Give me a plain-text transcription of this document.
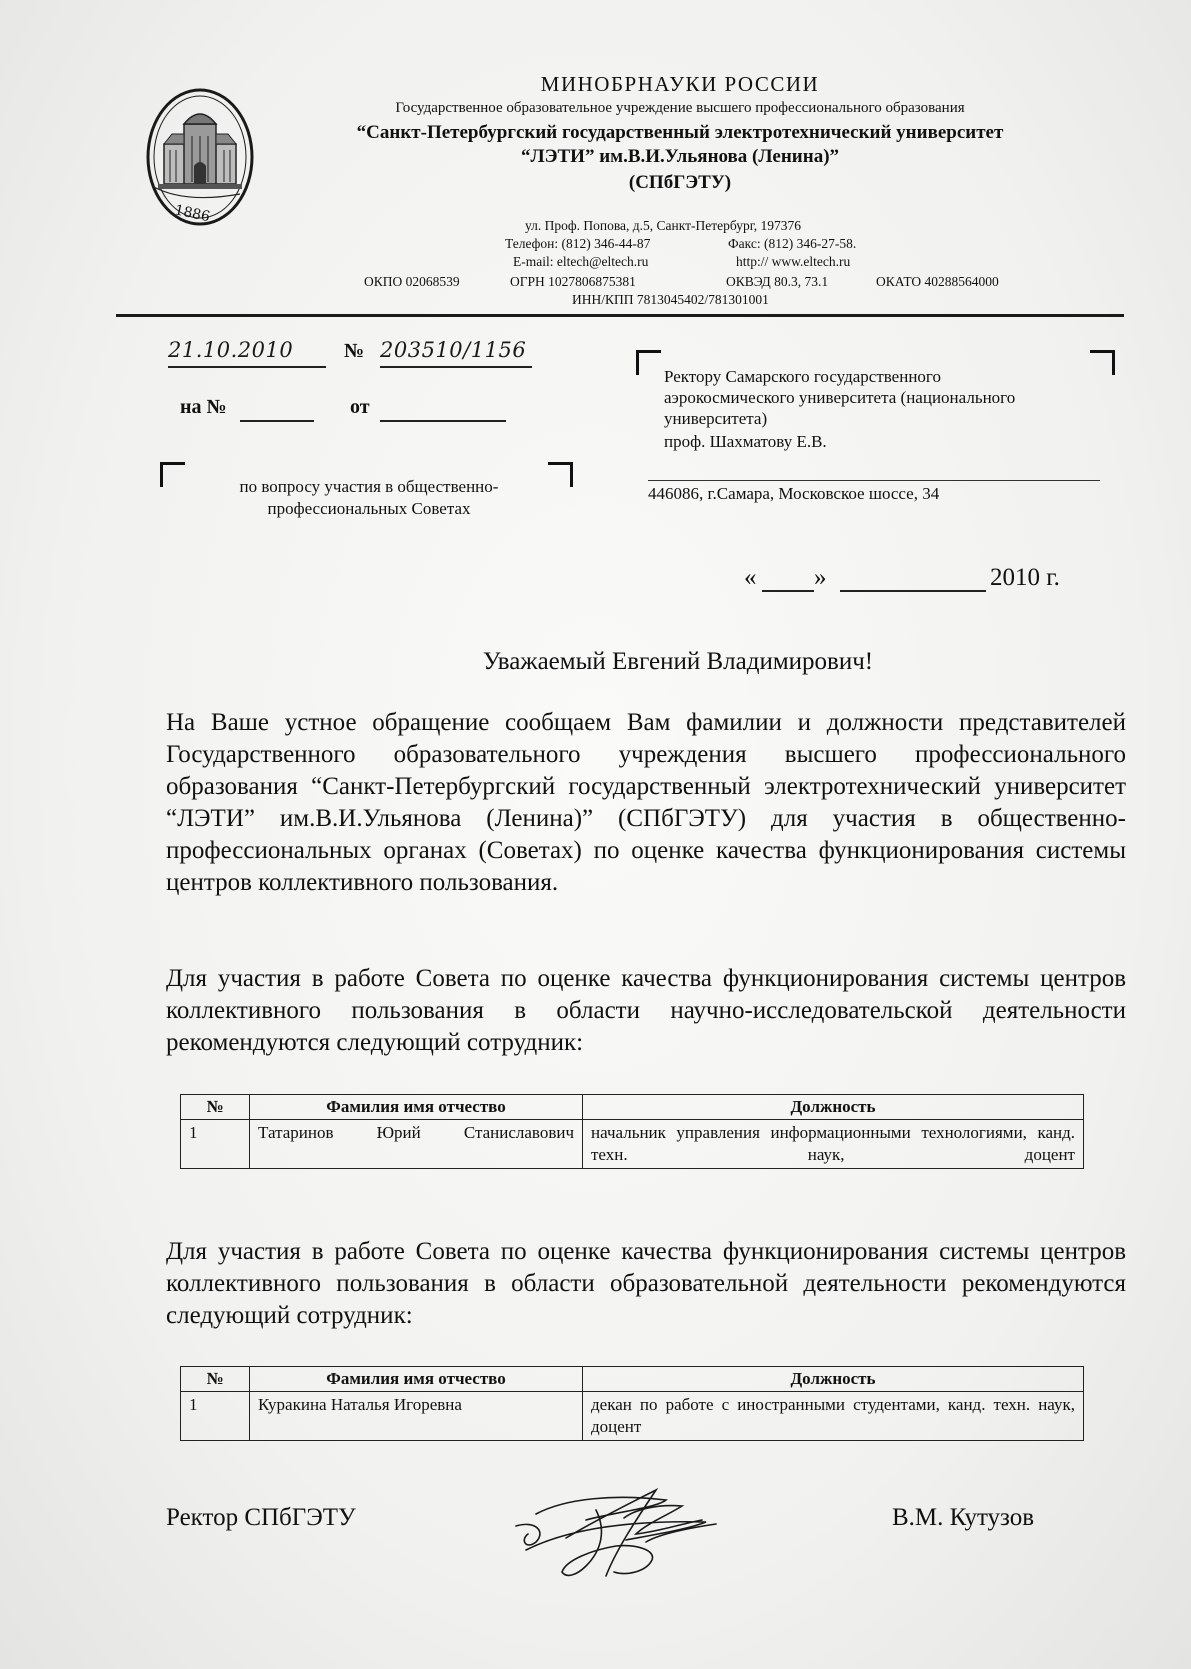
1886
МИНОБРНАУКИ РОССИИ
Государственное образовательное учреждение высшего профессионального образования
“Санкт-Петербургский государственный электротехнический университет
“ЛЭТИ” им.В.И.Ульянова (Ленина)”
(СПбГЭТУ)
ул. Проф. Попова, д.5, Санкт-Петербург, 197376
Телефон: (812) 346-44-87	Факс: (812) 346-27-58.
E-mail: eltech@eltech.ru	http:// www.eltech.ru
ОКПО 02068539	ОГРН 1027806875381	ОКВЭД 80.3, 73.1	ОКАТО 40288564000
ИНН/КПП 7813045402/781301001
21.10.2010	№ 203510/1156
на №	от
по вопросу участия в общественно-профессиональных Советах
Ректору Самарского государственного
аэрокосмического университета (национального
университета)
проф. Шахматову Е.В.
446086, г.Самара, Московское шоссе, 34
« »	2010 г.
Уважаемый Евгений Владимирович!
На Ваше устное обращение сообщаем Вам фамилии и должности представителей Государственного образовательного учреждения высшего профессионального образования “Санкт-Петербургский государственный электротехнический университет “ЛЭТИ” им.В.И.Ульянова (Ленина)” (СПбГЭТУ) для участия в общественно-профессиональных органах (Советах) по оценке качества функционирования системы центров коллективного пользования.
Для участия в работе Совета по оценке качества функционирования системы центров коллективного пользования в области научно-исследовательской деятельности рекомендуются следующий сотрудник:
№	Фамилия имя отчество	Должность
1	Татаринов Юрий Станиславович	начальник управления информационными технологиями, канд. техн. наук, доцент
Для участия в работе Совета по оценке качества функционирования системы центров коллективного пользования в области образовательной деятельности рекомендуются следующий сотрудник:
№	Фамилия имя отчество	Должность
1	Куракина Наталья Игоревна	декан по работе с иностранными студентами, канд. техн. наук, доцент
Ректор СПбГЭТУ	В.М. Кутузов
